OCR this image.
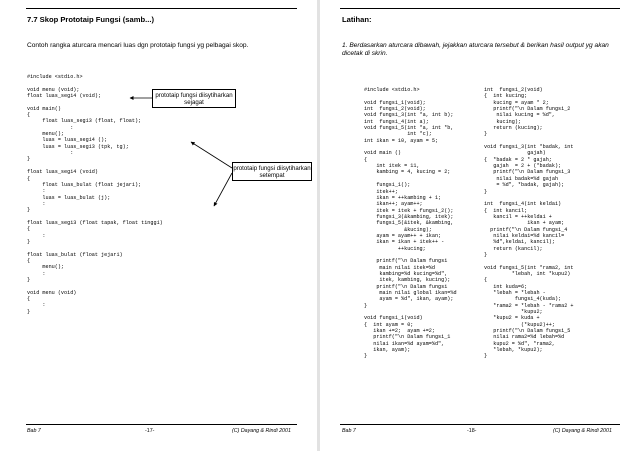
7.7 Skop Prototaip Fungsi (samb...)
Contoh rangka aturcara mencari luas dgn prototaip fungsi yg pelbagai skop.
#include <stdio.h>

void menu (void);
float luas_segi4 (void);

void main()
{
float luas_segi3 (float, float);
:
menu();
luas = luas_segi4 ();
luas = luas_segi3 (tpk, tg);
:
}

float luas_segi4 (void)
{
float luas_bulat (float jejari);
:
luas = luas_bulat (j);
:
}

float luas_segi3 (float tapak, float tinggi)
{
:
}

float luas_bulat (float jejari)
{
menu();
:
}

void menu (void)
{
:
}
prototaip fungsi diisytiharkan sejagat
prototaip fungsi diisytiharkan setempat
Bab 7	-17-	(C) Dayang & Rindi 2001
Latihan:
1. Berdasarkan aturcara dibawah, jejakkan aturcara tersebut & berikan hasil output yg akan dicetak di skrin.
#include <stdio.h>

void fungsi_1(void);
int  fungsi_2(void);
void fungsi_3(int *a, int b);
int  fungsi_4(int a);
void fungsi_5(int *a, int *b,
int *c);
int ikan = 10, ayam = 5;

void main ()
{
int itek = 11,
kambing = 4, kucing = 2;

fungsi_1();
itek++;
ikan = ++kambing + 1;
ikan++; ayam++;
itek = itek + fungsi_2();
fungsi_3(&kambing, itek);
fungsi_5(&itek, &kambing,
&kucing);
ayam = ayam++ + ikan;
ikan = ikan + itek++ -
++kucing;

printf("\n Dalam fungsi
main nilai itek=%d
kambing=%d kucing=%d",
itek, kambing, kucing);
printf("\n Dalam fungsi
main nilai global ikan=%d
ayam = %d", ikan, ayam);
}

void fungsi_1(void)
{  int ayam = 0;
ikan +=2;  ayam +=2;
printf("\n Dalam fungsi_1
nilai ikan=%d ayam=%d",
ikan, ayam);
}
int  fungsi_2(void)
{  int kucing;
kucing = ayam * 2;
printf("\n Dalam fungsi_2
nilai kucing = %d",
kucing);
return (kucing);
}

void fungsi_3(int *badak, int
gajah)
{  *badak = 2 * gajah;
gajah  = 2 + (*badak);
printf("\n Dalam fungsi_3
nilai badak=%d gajah
= %d", *badak, gajah);
}

int  fungsi_4(int keldai)
{  int kancil;
kancil = ++keldai +
ikan + ayam;
printf("\n Dalam fungsi_4
nilai keldai=%d kancil=
%d",keldai, kancil);
return (kancil);
}

void fungsi_5(int *rama2, int
*lebah, int *kupu2)
{
int kuda=6;
*lebah = *lebah -
fungsi_4(kuda);
*rama2 = *lebah - *rama2 +
*kupu2;
*kupu2 = kuda +
(*kupu2)++;
printf("\n Dalam fungsi_5
nilai rama2=%d lebah=%d
kupu2 = %d", *rama2,
*lebah, *kupu2);
}
Bab 7	-18-	(C) Dayang & Rindi 2001
